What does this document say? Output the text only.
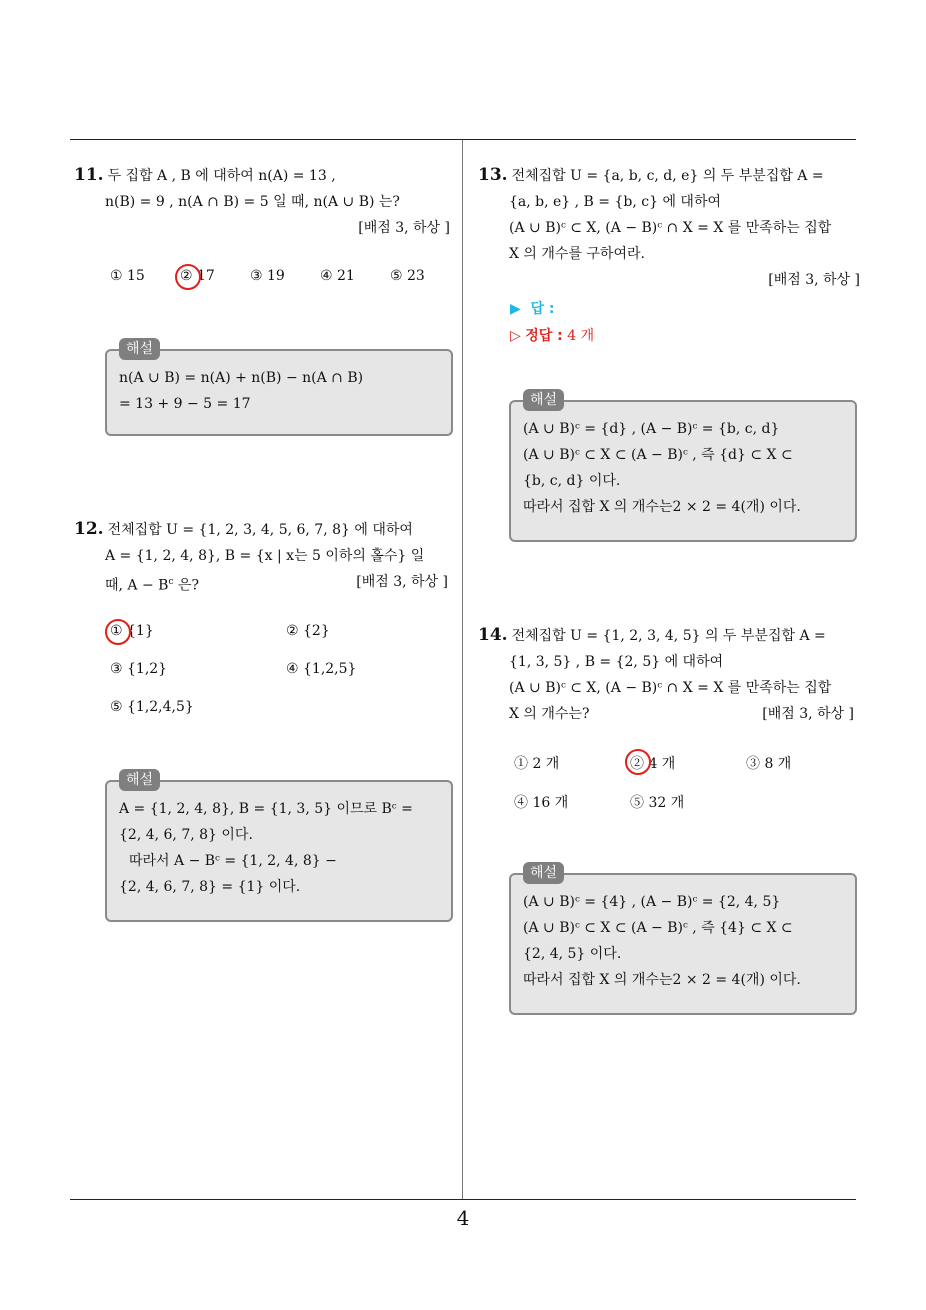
4
11. 두 집합 A , B 에 대하여 n(A) = 13 ,
n(B) = 9 , n(A ∩ B) = 5 일 때, n(A ∪ B) 는?
[배점 3, 하상 ]
① 15	② 17	③ 19	④ 21	⑤ 23
해설
n(A ∪ B) = n(A) + n(B) − n(A ∩ B)
= 13 + 9 − 5 = 17
12. 전체집합 U = {1, 2, 3, 4, 5, 6, 7, 8} 에 대하여
A = {1, 2, 4, 8}, B = {x | x는 5 이하의 홀수} 일
때, $A - B^c$ 은?	[배점 3, 하상 ]
① {1}	② {2}
③ {1,2}	④ {1,2,5}
⑤ {1,2,4,5}
해설
A = {1, 2, 4, 8}, B = {1, 3, 5} 이므로 Bᶜ =
{2, 4, 6, 7, 8} 이다.
따라서 A − Bᶜ = {1, 2, 4, 8} −
{2, 4, 6, 7, 8} = {1} 이다.
13. 전체집합 U = {a, b, c, d, e} 의 두 부분집합 A =
{a, b, e} , B = {b, c} 에 대하여
(A ∪ B)ᶜ ⊂ X, (A − B)ᶜ ∩ X = X 를 만족하는 집합
X 의 개수를 구하여라.
[배점 3, 하상 ]
▶ 답 :
▷ 정답 : 4 개
해설
(A ∪ B)ᶜ = {d} , (A − B)ᶜ = {b, c, d}
(A ∪ B)ᶜ ⊂ X ⊂ (A − B)ᶜ , 즉 {d} ⊂ X ⊂
{b, c, d} 이다.
따라서 집합 X 의 개수는2 × 2 = 4(개) 이다.
14. 전체집합 U = {1, 2, 3, 4, 5} 의 두 부분집합 A =
{1, 3, 5} , B = {2, 5} 에 대하여
(A ∪ B)ᶜ ⊂ X, (A − B)ᶜ ∩ X = X 를 만족하는 집합
X 의 개수는?	[배점 3, 하상 ]
① 2 개	② 4 개	③ 8 개
④ 16 개	⑤ 32 개
해설
(A ∪ B)ᶜ = {4} , (A − B)ᶜ = {2, 4, 5}
(A ∪ B)ᶜ ⊂ X ⊂ (A − B)ᶜ , 즉 {4} ⊂ X ⊂
{2, 4, 5} 이다.
따라서 집합 X 의 개수는2 × 2 = 4(개) 이다.
